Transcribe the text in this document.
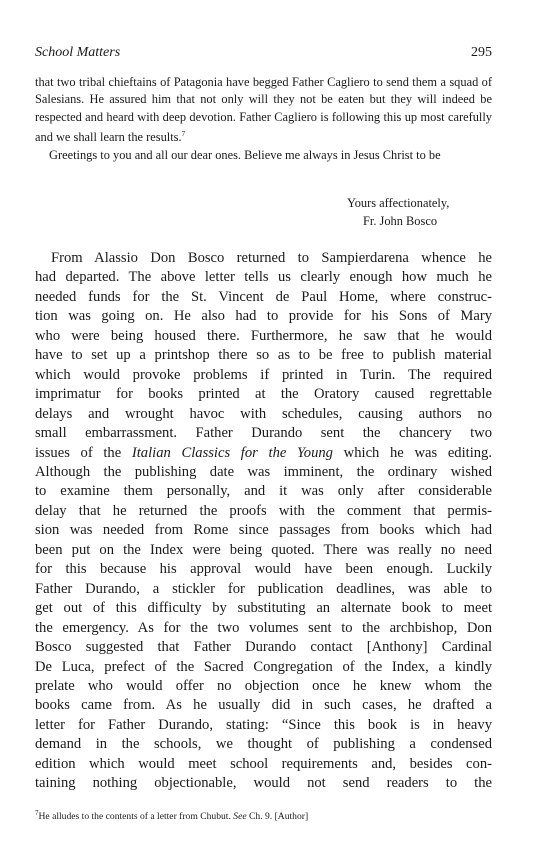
School Matters	295

that two tribal chieftains of Patagonia have begged Father Cagliero to send them a squad of Salesians. He assured him that not only will they not be eaten but they will indeed be respected and heard with deep devotion. Father Cagliero is following this up most carefully and we shall learn the results.$^7$

Greetings to you and all our dear ones. Believe me always in Jesus Christ to be

Yours affectionately,
Fr. John Bosco
From Alassio Don Bosco returned to Sampierdarena whence he
had departed. The above letter tells us clearly enough how much he
needed funds for the St. Vincent de Paul Home, where construc-
tion was going on. He also had to provide for his Sons of Mary
who were being housed there. Furthermore, he saw that he would
have to set up a printshop there so as to be free to publish material
which would provoke problems if printed in Turin. The required
imprimatur for books printed at the Oratory caused regrettable
delays and wrought havoc with schedules, causing authors no
small embarrassment. Father Durando sent the chancery two
issues of the Italian Classics for the Young which he was editing.
Although the publishing date was imminent, the ordinary wished
to examine them personally, and it was only after considerable
delay that he returned the proofs with the comment that permis-
sion was needed from Rome since passages from books which had
been put on the Index were being quoted. There was really no need
for this because his approval would have been enough. Luckily
Father Durando, a stickler for publication deadlines, was able to
get out of this difficulty by substituting an alternate book to meet
the emergency. As for the two volumes sent to the archbishop, Don
Bosco suggested that Father Durando contact [Anthony] Cardinal
De Luca, prefect of the Sacred Congregation of the Index, a kindly
prelate who would offer no objection once he knew whom the
books came from. As he usually did in such cases, he drafted a
letter for Father Durando, stating: “Since this book is in heavy
demand in the schools, we thought of publishing a condensed
edition which would meet school requirements and, besides con-
taining nothing objectionable, would not send readers to the
$^7$He alludes to the contents of a letter from Chubut. See Ch. 9. [Author]
